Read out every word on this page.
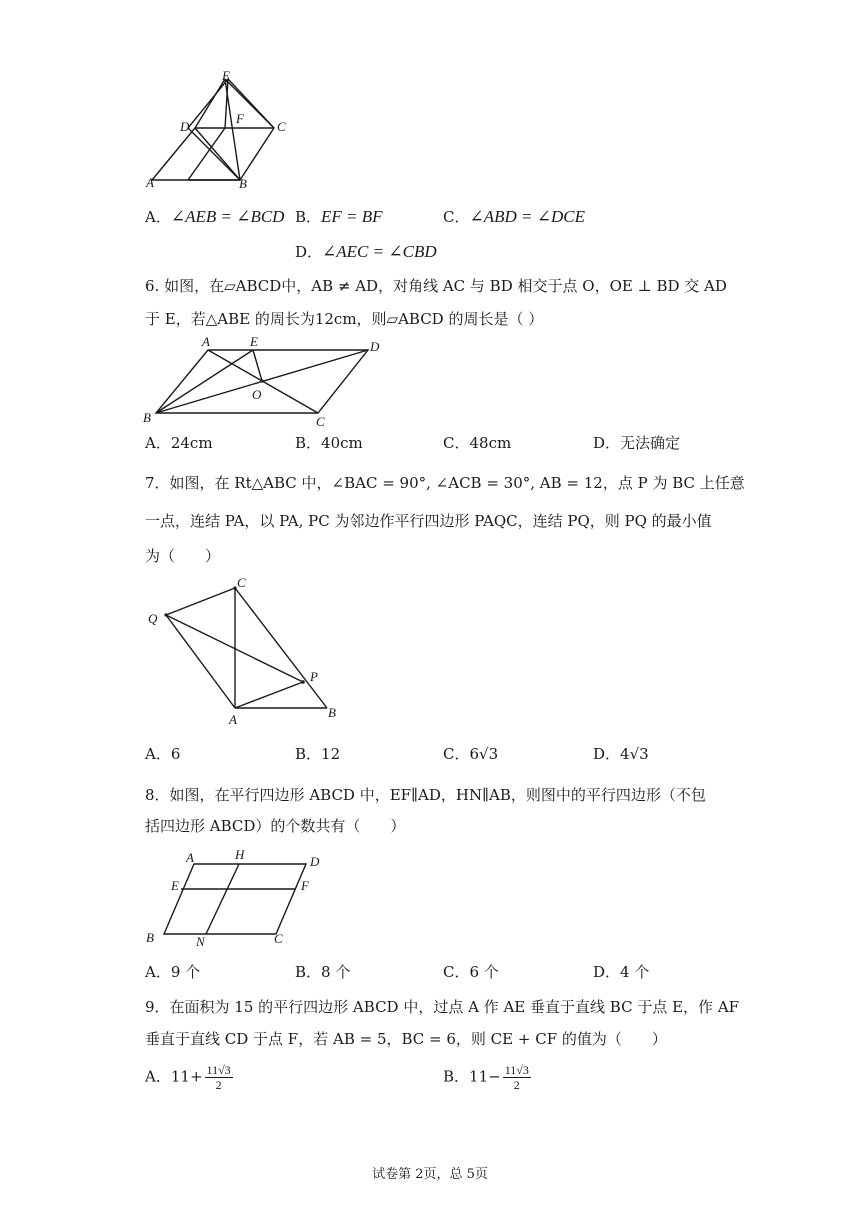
E
D
F
C
A	B
A．∠AEB = ∠BCD B．EF = BF	C．∠ABD = ∠DCE
D．∠AEC = ∠CBD
6. 如图，在▱ABCD中，AB ≠ AD，对角线 AC 与 BD 相交于点 O，OE ⊥ BD 交 AD
于 E，若△ABE 的周长为12cm，则▱ABCD 的周长是（ ）
A	E	D
O
B	C
A．24cm	B．40cm	C．48cm	D．无法确定
7．如图，在 Rt△ABC 中，∠BAC = 90°, ∠ACB = 30°, AB = 12，点 P 为 BC 上任意
一点，连结 PA，以 PA, PC 为邻边作平行四边形 PAQC，连结 PQ，则 PQ 的最小值
为（　　）
C
Q
P
A	B
A．6	B．12	C．6√3	D．4√3
8．如图，在平行四边形 ABCD 中，EF∥AD，HN∥AB，则图中的平行四边形（不包
括四边形 ABCD）的个数共有（　　）
A	H	D
E	F
B	N	C
A．9 个	B．8 个	C．6 个	D．4 个
9．在面积为 15 的平行四边形 ABCD 中，过点 A 作 AE 垂直于直线 BC 于点 E，作 AF
垂直于直线 CD 于点 F，若 AB = 5，BC = 6，则 CE + CF 的值为（　　）
A．$11+ \frac{11√3}{2}$	B．$11- \frac{11√3}{2}$
试卷第 2页，总 5页
